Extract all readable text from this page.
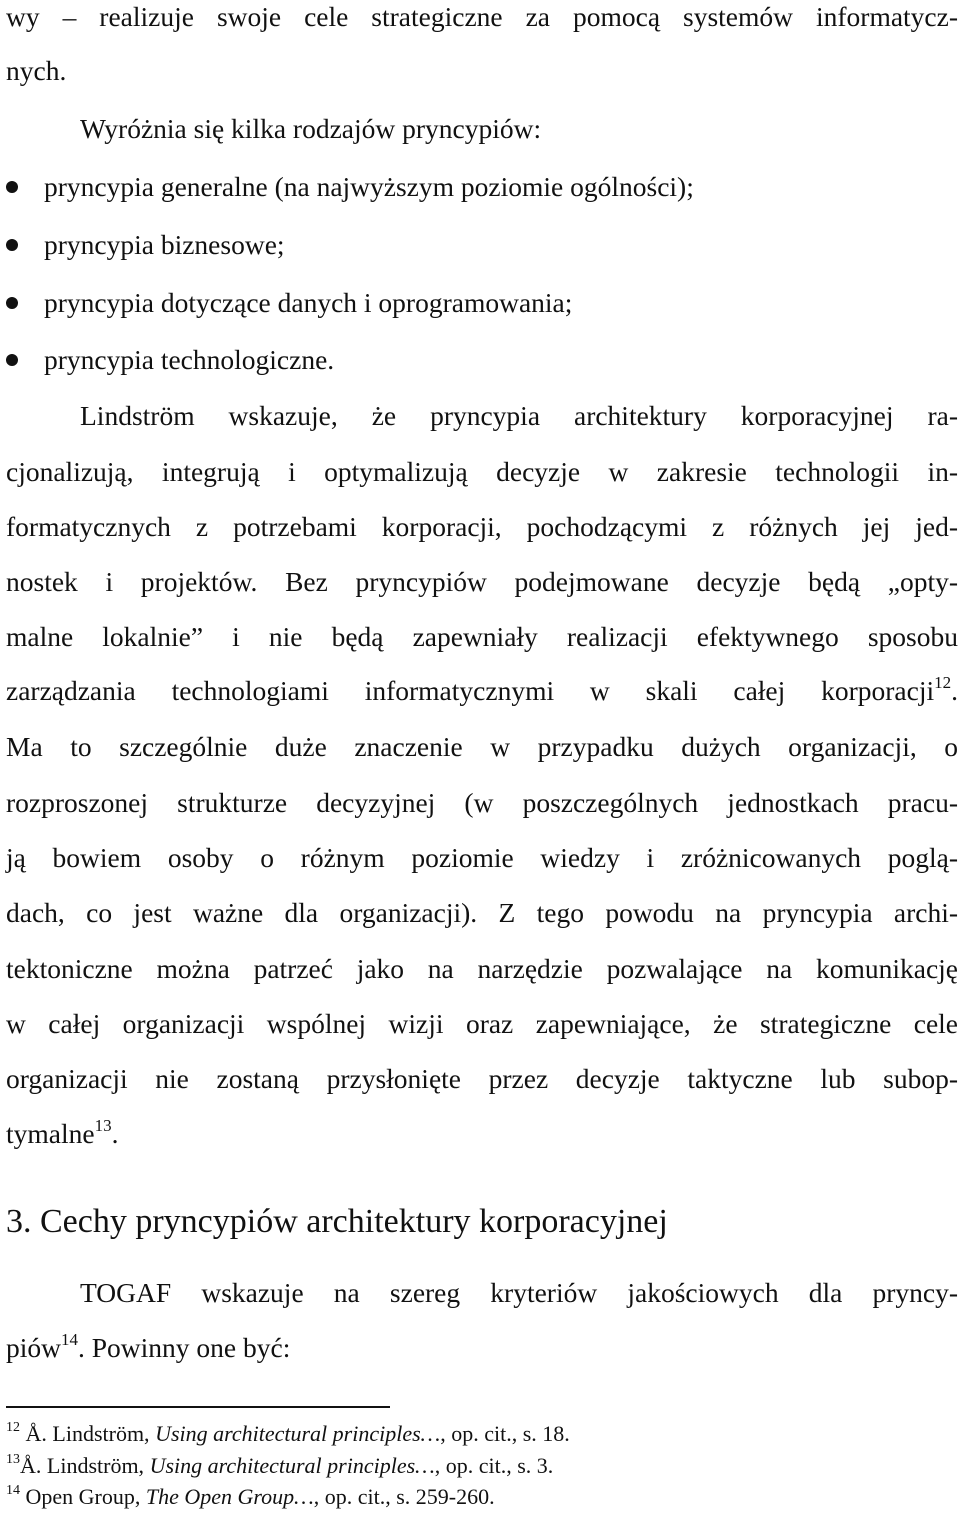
wy – realizuje swoje cele strategiczne za pomocą systemów informatycz-
nych.
Wyróżnia się kilka rodzajów pryncypiów:
pryncypia generalne (na najwyższym poziomie ogólności);
pryncypia biznesowe;
pryncypia dotyczące danych i oprogramowania;
pryncypia technologiczne.
Lindström wskazuje, że pryncypia architektury korporacyjnej ra-
cjonalizują, integrują i optymalizują decyzje w zakresie technologii in-
formatycznych z potrzebami korporacji, pochodzącymi z różnych jej jed-
nostek i projektów. Bez pryncypiów podejmowane decyzje będą „opty-
malne lokalnie” i nie będą zapewniały realizacji efektywnego sposobu
zarządzania technologiami informatycznymi w skali całej korporacji$^{12}$.
Ma to szczególnie duże znaczenie w przypadku dużych organizacji, o
rozproszonej strukturze decyzyjnej (w poszczególnych jednostkach pracu-
ją bowiem osoby o różnym poziomie wiedzy i zróżnicowanych poglą-
dach, co jest ważne dla organizacji). Z tego powodu na pryncypia archi-
tektoniczne można patrzeć jako na narzędzie pozwalające na komunikację
w całej organizacji wspólnej wizji oraz zapewniające, że strategiczne cele
organizacji nie zostaną przysłonięte przez decyzje taktyczne lub subop-
tymalne$^{13}$.
3. Cechy pryncypiów architektury korporacyjnej
TOGAF wskazuje na szereg kryteriów jakościowych dla pryncy-
piów$^{14}$. Powinny one być:
$^{12}$ Å. Lindström, Using architectural principles…, op. cit., s. 18.
$^{13}$Å. Lindström, Using architectural principles…, op. cit., s. 3.
$^{14}$ Open Group, The Open Group…, op. cit., s. 259-260.
